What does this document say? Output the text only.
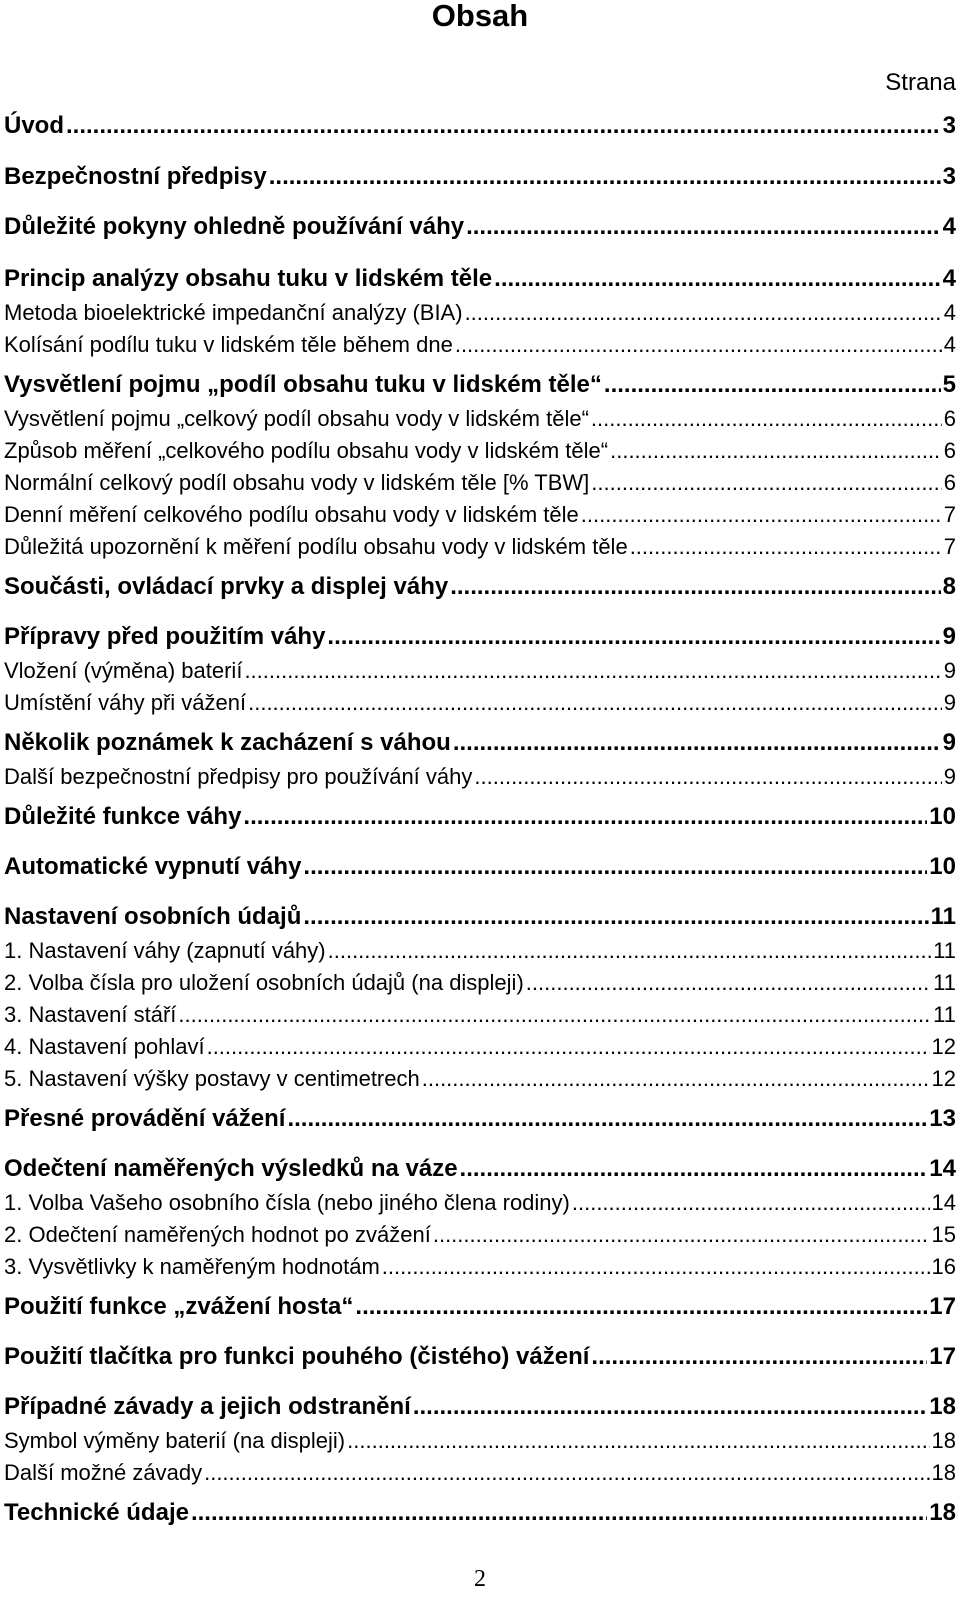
Obsah
Strana
Úvod .....	3
Bezpečnostní předpisy .....	3
Důležité pokyny ohledně používání váhy .....	4
Princip analýzy obsahu tuku v lidském těle .....	4
Metoda bioelektrické impedanční analýzy (BIA) .....	4
Kolísání podílu tuku v lidském těle během dne .....	4
Vysvětlení pojmu „podíl obsahu tuku v lidském těle“ .....	5
Vysvětlení pojmu „celkový podíl obsahu vody v lidském těle“ .....	6
Způsob měření „celkového podílu obsahu vody v lidském těle“ .....	6
Normální celkový podíl obsahu vody v lidském těle [% TBW] .....	6
Denní měření celkového podílu obsahu vody v lidském těle .....	7
Důležitá upozornění k měření podílu obsahu vody v lidském těle .....	7
Součásti, ovládací prvky a displej váhy .....	8
Přípravy před použitím váhy .....	9
Vložení (výměna) baterií .....	9
Umístění váhy při vážení .....	9
Několik poznámek k zacházení s váhou .....	9
Další bezpečnostní předpisy pro používání váhy .....	9
Důležité funkce váhy .....	10
Automatické vypnutí váhy .....	10
Nastavení osobních údajů .....	11
1. Nastavení váhy (zapnutí váhy) .....	11
2. Volba čísla pro uložení osobních údajů (na displeji) .....	11
3. Nastavení stáří .....	11
4. Nastavení pohlaví .....	12
5. Nastavení výšky postavy v centimetrech .....	12
Přesné provádění vážení .....	13
Odečtení naměřených výsledků na váze .....	14
1. Volba Vašeho osobního čísla (nebo jiného člena rodiny) .....	14
2. Odečtení naměřených hodnot po zvážení .....	15
3. Vysvětlivky k naměřeným hodnotám .....	16
Použití funkce „zvážení hosta“ .....	17
Použití tlačítka pro funkci pouhého (čistého) vážení .....	17
Případné závady a jejich odstranění .....	18
Symbol výměny baterií (na displeji) .....	18
Další možné závady .....	18
Technické údaje .....	18
2
